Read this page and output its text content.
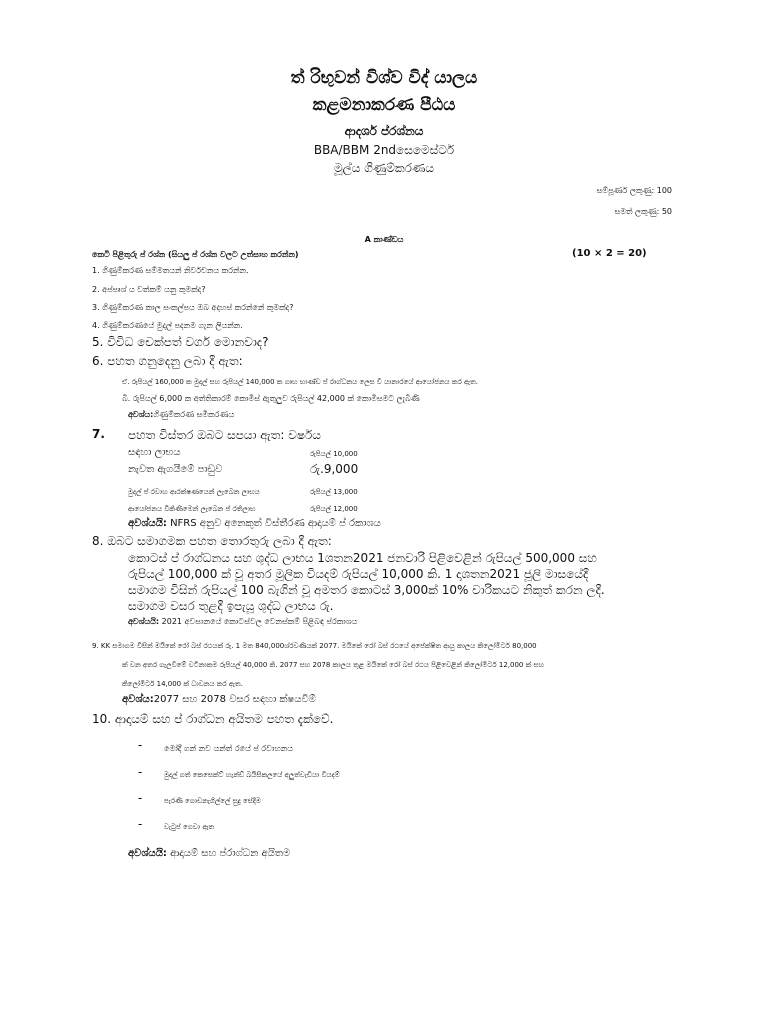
ත් රිභුවන් විශ්ව විද් යාලය
කළමනාකරණ පීඨය
ආදර්ශ ප්රශ්නය
BBA/BBM 2ndසෙමෙස්ටර්
මූල්ය ගිණුම්කරණය
සම්පූර්ණ ලකුණු: 100
සමත් ලකුණු: 50
A කාණ්ඩය
කෙටි පිළිතුරු ප් රශ්න (සියලු ප් රශ්න වලට උත්සාහ කරන්න)	(10 × 2 = 20)
1. ගිණුම්කරණ සම්මතයන් නිර්වචනය කරන්න.
2. අප්පෘශ් ය වත්කම් යනු කුමක්ද?
3. ගිණුම්කරණ කාල සංකල්පය ඔබ අදහස් කරන්නේ කුමක්ද?
4. ගිණුම්කරණයේ මුදල් පදනම ගැන ලියන්න.
5. විවිධ චෙක්පත් වර්ග මොනවාද?
6. පහත ගනුදෙනු ලබා දී ඇත:
ඒ. රුපියල් 160,000 ක මුදල් සහ රුපියල් 140,000 ක ගෘහ භාණ්ඩ ප් රාග්ධනය ලෙස වී යානාරයේ ආයෝජනය කර ඇත.
බී. රුපියල් 6,000 ක අත්තිකාරම් කොමිස් ඇතුලුව රුපියල් 42,000 ක් කොමිසමට ලැබිණි
අවශ්ය:ගිණුම්කරණ සමීකරණය
7. පහත විස්තර ඔබට සපයා ඇත: වර්ෂය
සඳහා ලාභය	රුපියල් 10,000
නැවත ඇගයීමේ පාඩුව	රු.9,000
මුදල් ප් රවාහ ආරක්ෂණයෙන් ලැබෙන ලාභය	රුපියල් 13,000
ආයෝජනය විකිණීමෙන් ලැබෙන ප් රතිලාභ	රුපියල් 12,000
අවශ්යයි: NFRS අනුව අනෙකුත් විස්තීරණ ආදායම් ප් රකාශය
8. ඔබට සමාගමක පහත තොරතුරු ලබා දී ඇත:
කොටස් ප් රාග්ධනය සහ ශුද්ධ ලාභය 1ශතන2021 ජනවාරි පිළිවෙළින් රුපියල් 500,000 සහ
රුපියල් 100,000 ක් වූ අතර මූලික වියදම් රුපියල් 10,000 කි. 1 දාශතන2021 ජූලි මාසයේදී
සමාගම විසින් රුපියල් 100 බැගින් වූ අමතර කොටස් 3,000ක් 10% වාරිකයට නිකුත් කරන ලදී.
සමාගම වසර තුළදී ඉපැයූ ශුද්ධ ලාභය රු.
අවශ්යයි: 2021 අවසානයේ කොටස්වල වෙනස්කම් පිළිබඳ ප්රකාශය
9. KK සමාගම විසින් මයිකේ රෝ බස් රථයක් රු. 1 මත 840,000ශ්රවණියක් 2077. මයිකේ රෝ බස් රථයේ අපේක්ෂිත ආයු කාලය කිලෝමීටර් 80,000
ක් වන අතර ගැලවීමේ වටිනාකම රුපියල් 40,000 කි. 2077 සහ 2078 කාලය තුළ මයිකේ රෝ බස් රථය පිළිවෙළින් කිලෝමීටර් 12,000 ක් සහ
කිලෝමීටර් 14,000 ක් ධාවනය කර ඇත.
අවශ්ය:2077 සහ 2078 වසර සඳහා ක්ෂයවීම්
10. ආදායම් සහ ප් රාග්ධන අයිතම පහත දැක්වේ.
-	මෝදී ගන් නව යන්ත් රයේ ප් රවාහනය
-	මුදල් ගත් කෙසෙක්ට් හැන්ඩ් බයිසිකලයේ අලුත්වැඩියා වියදම්
-	පැරණි ගොඩනැගිල්ලේ සුදු සේදීම
-	වැටුප් ගෙවා ඇත
අවශ්යයි: ආදායම් සහ ප්රාග්ධන අයිතම
